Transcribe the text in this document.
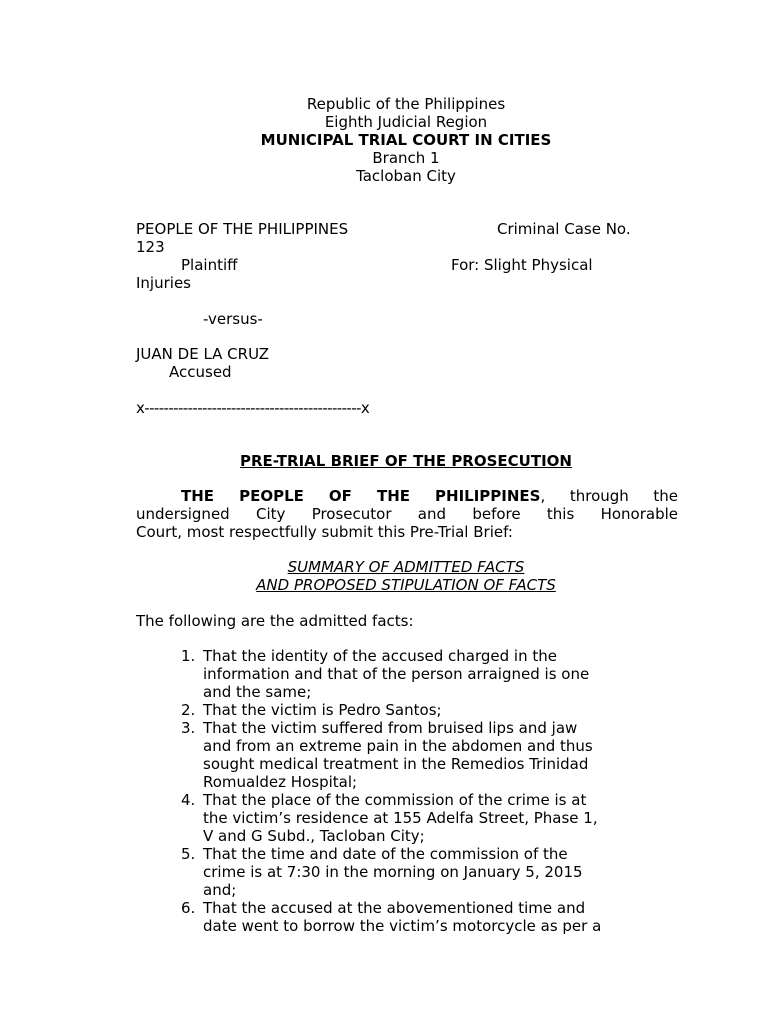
Republic of the Philippines
Eighth Judicial Region
MUNICIPAL TRIAL COURT IN CITIES
Branch 1
Tacloban City
PEOPLE OF THE PHILIPPINES	Criminal Case No.
123
Plaintiff	For: Slight Physical
Injuries
-versus-
JUAN DE LA CRUZ
Accused
x---------------------------------------------x
PRE-TRIAL BRIEF OF THE PROSECUTION
THE PEOPLE OF THE PHILIPPINES, through the
undersigned City Prosecutor and before this Honorable
Court, most respectfully submit this Pre-Trial Brief:
SUMMARY OF ADMITTED FACTS
AND PROPOSED STIPULATION OF FACTS
The following are the admitted facts:
1. That the identity of the accused charged in the
information and that of the person arraigned is one
and the same;
2. That the victim is Pedro Santos;
3. That the victim suffered from bruised lips and jaw
and from an extreme pain in the abdomen and thus
sought medical treatment in the Remedios Trinidad
Romualdez Hospital;
4. That the place of the commission of the crime is at
the victim’s residence at 155 Adelfa Street, Phase 1,
V and G Subd., Tacloban City;
5. That the time and date of the commission of the
crime is at 7:30 in the morning on January 5, 2015
and;
6. That the accused at the abovementioned time and
date went to borrow the victim’s motorcycle as per a
